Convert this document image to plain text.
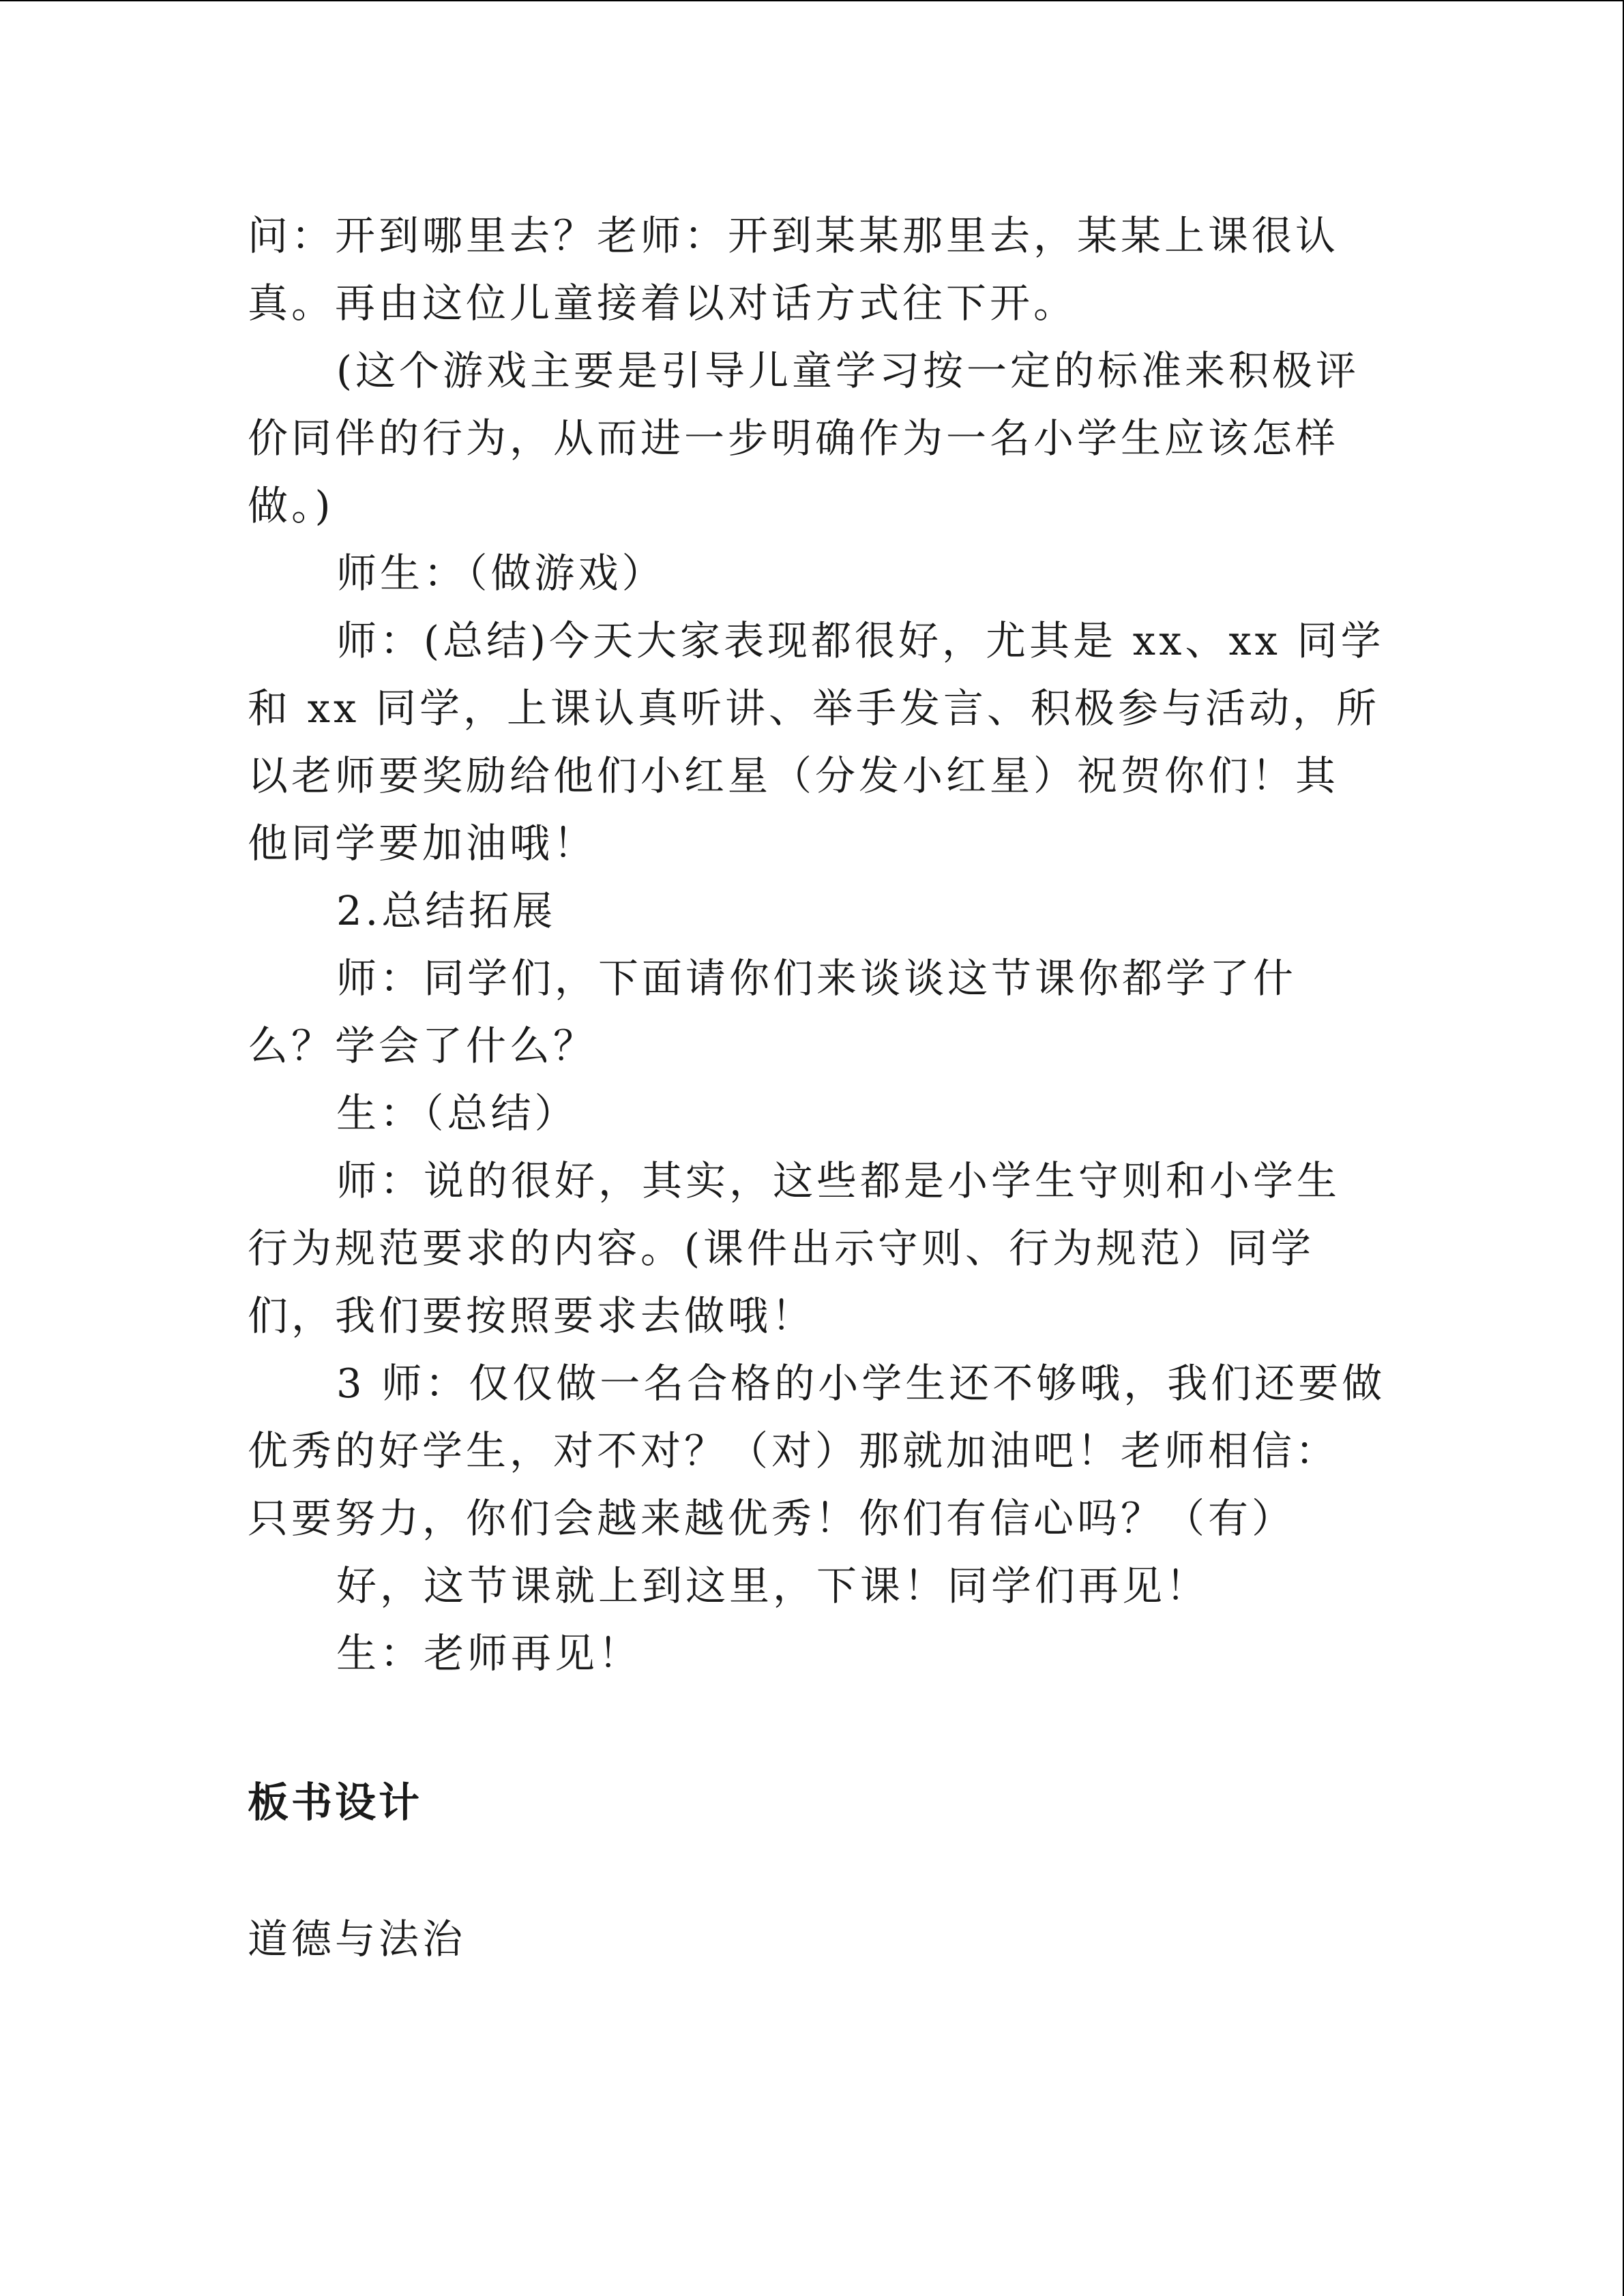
问：开到哪里去？老师：开到某某那里去，某某上课很认

真。再由这位儿童接着以对话方式往下开。

(这个游戏主要是引导儿童学习按一定的标准来积极评

价同伴的行为，从而进一步明确作为一名小学生应该怎样

做。)

师生：（做游戏）

师：(总结)今天大家表现都很好，尤其是 xx、xx 同学

和 xx 同学，上课认真听讲、举手发言、积极参与活动，所

以老师要奖励给他们小红星（分发小红星）祝贺你们！其

他同学要加油哦！

2.总结拓展

师：同学们，下面请你们来谈谈这节课你都学了什

么？学会了什么？

生：（总结）

师：说的很好，其实，这些都是小学生守则和小学生

行为规范要求的内容。(课件出示守则、行为规范）同学

们，我们要按照要求去做哦！

3 师：仅仅做一名合格的小学生还不够哦，我们还要做

优秀的好学生，对不对？（对）那就加油吧！老师相信：

只要努力，你们会越来越优秀！你们有信心吗？（有）

好，这节课就上到这里，下课！同学们再见！

生：老师再见！

板书设计

道德与法治
